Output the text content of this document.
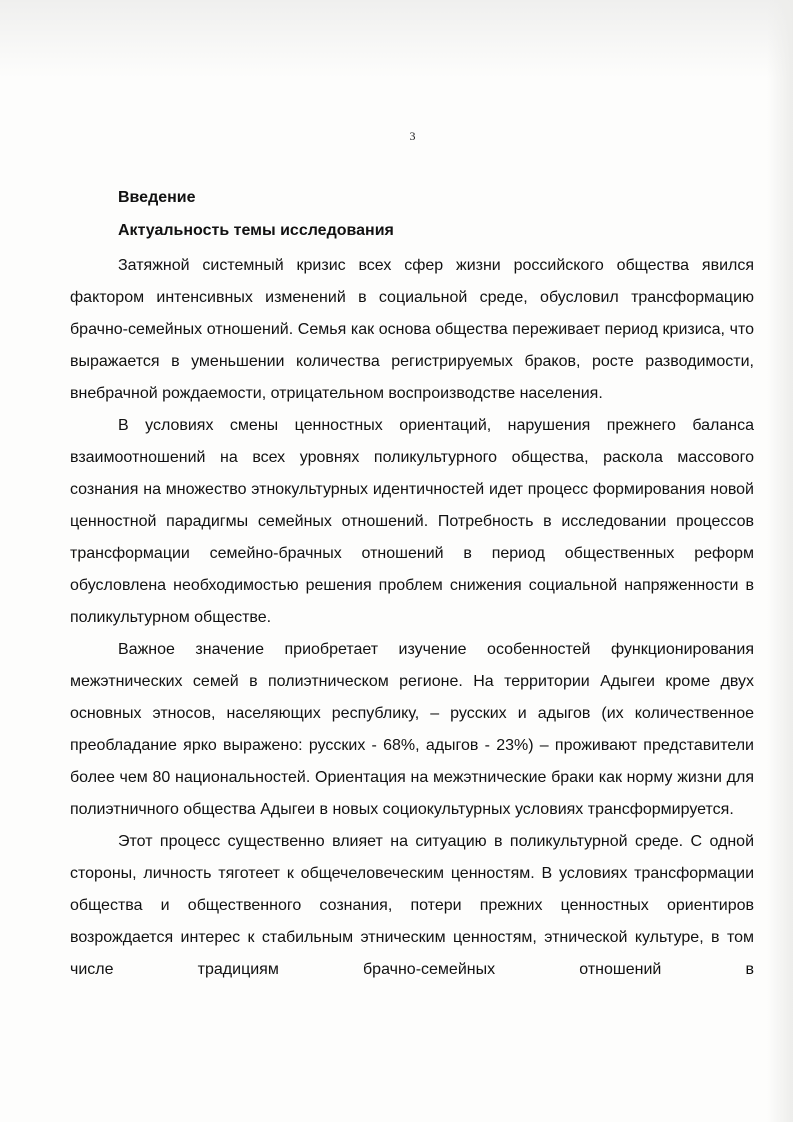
3
Введение
Актуальность темы исследования

Затяжной системный кризис всех сфер жизни российского общества явился фактором интенсивных изменений в социальной среде, обусловил трансформацию брачно-семейных отношений. Семья как основа общества переживает период кризиса, что выражается в уменьшении количества регистрируемых браков, росте разводимости, внебрачной рождаемости, отрицательном воспроизводстве населения.

В условиях смены ценностных ориентаций, нарушения прежнего баланса взаимоотношений на всех уровнях поликультурного общества, раскола массового сознания на множество этнокультурных идентичностей идет процесс формирования новой ценностной парадигмы семейных отношений. Потребность в исследовании процессов трансформации семейно-брачных отношений в период общественных реформ обусловлена необходимостью решения проблем снижения социальной напряженности в поликультурном обществе.

Важное значение приобретает изучение особенностей функционирования межэтнических семей в полиэтническом регионе. На территории Адыгеи кроме двух основных этносов, населяющих республику, – русских и адыгов (их количественное преобладание ярко выражено: русских - 68%, адыгов - 23%) – проживают представители более чем 80 национальностей. Ориентация на межэтнические браки как норму жизни для полиэтничного общества Адыгеи в новых социокультурных условиях трансформируется.

Этот процесс существенно влияет на ситуацию в поликультурной среде. С одной стороны, личность тяготеет к общечеловеческим ценностям. В условиях трансформации общества и общественного сознания, потери прежних ценностных ориентиров возрождается интерес к стабильным этническим ценностям, этнической культуре, в том числе традициям брачно-семейных отношений в
